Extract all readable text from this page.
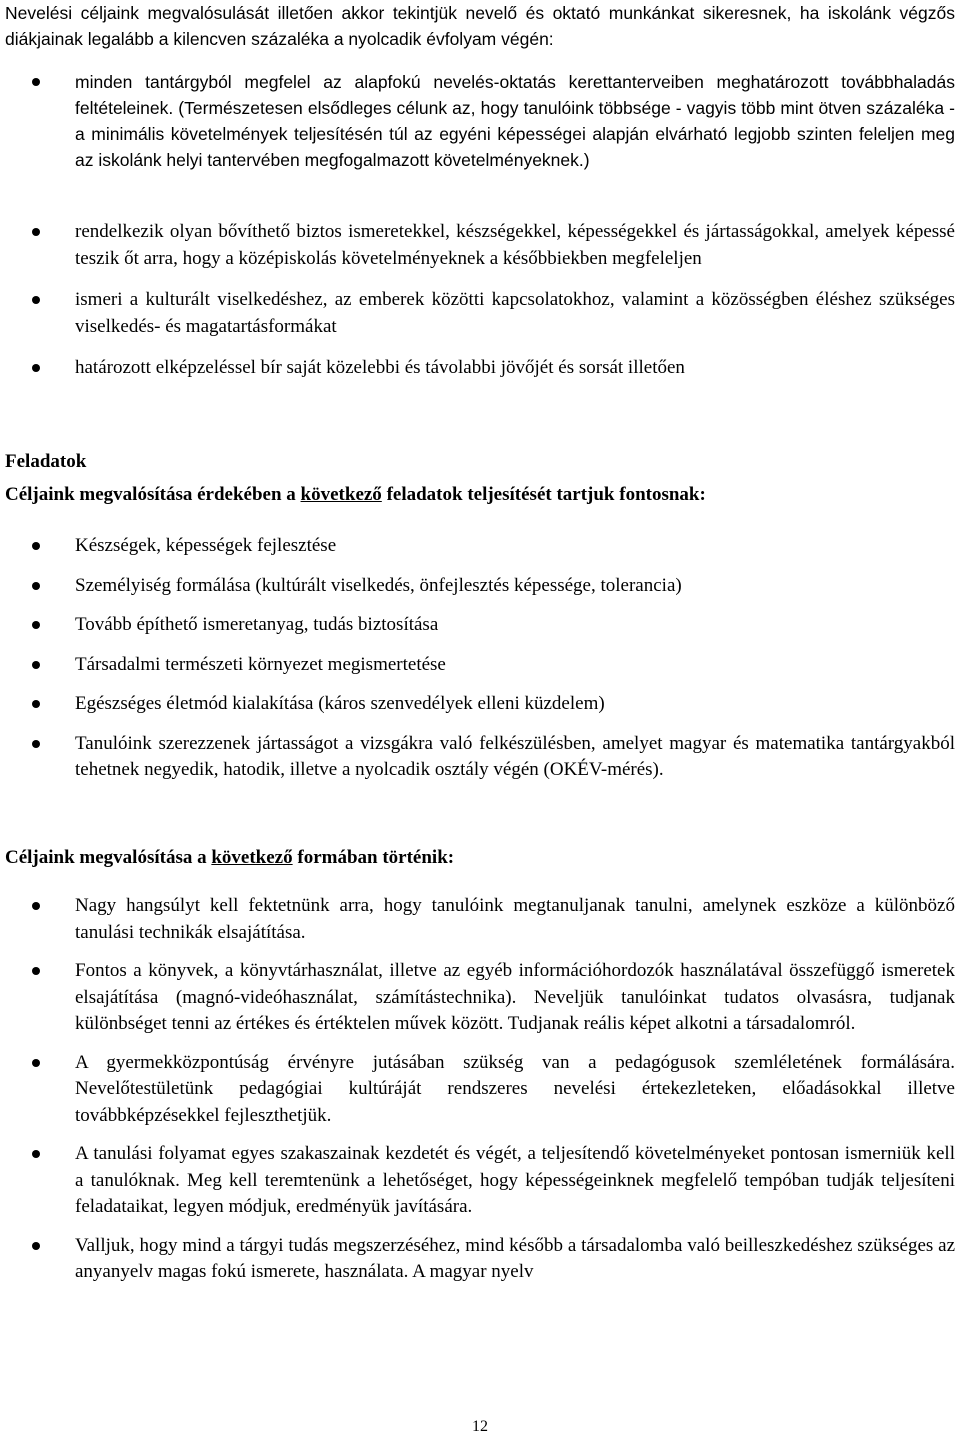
Nevelési céljaink megvalósulását illetően akkor tekintjük nevelő és oktató munkánkat sikeresnek, ha iskolánk végzős diákjainak legalább a kilencven százaléka a nyolcadik évfolyam végén:

minden tantárgyból megfelel az alapfokú nevelés-oktatás kerettanterveiben meghatározott továbbhaladás feltételeinek. (Természetesen elsődleges célunk az, hogy tanulóink többsége - vagyis több mint ötven százaléka - a minimális követelmények teljesítésén túl az egyéni képességei alapján elvárható legjobb szinten feleljen meg az iskolánk helyi tantervében megfogalmazott követelményeknek.)
rendelkezik olyan bővíthető biztos ismeretekkel, készségekkel, képességekkel és jártasságokkal, amelyek képessé teszik őt arra, hogy a középiskolás követelményeknek a későbbiekben megfeleljen
ismeri a kulturált viselkedéshez, az emberek közötti kapcsolatokhoz, valamint a közösségben éléshez szükséges viselkedés- és magatartásformákat
határozott elképzeléssel bír saját közelebbi és távolabbi jövőjét és sorsát illetően

Feladatok

Céljaink megvalósítása érdekében a következő feladatok teljesítését tartjuk fontosnak:

Készségek, képességek fejlesztése
Személyiség formálása (kultúrált viselkedés, önfejlesztés képessége, tolerancia)
Tovább építhető ismeretanyag, tudás biztosítása
Társadalmi természeti környezet megismertetése
Egészséges életmód kialakítása (káros szenvedélyek elleni küzdelem)
Tanulóink szerezzenek jártasságot a vizsgákra való felkészülésben, amelyet magyar és matematika tantárgyakból tehetnek negyedik, hatodik, illetve a nyolcadik osztály végén (OKÉV-mérés).

Céljaink megvalósítása a következő formában történik:

Nagy hangsúlyt kell fektetnünk arra, hogy tanulóink megtanuljanak tanulni, amelynek eszköze a különböző tanulási technikák elsajátítása.
Fontos a könyvek, a könyvtárhasználat, illetve az egyéb információhordozók használatával összefüggő ismeretek elsajátítása (magnó-videóhasználat, számítástechnika). Neveljük tanulóinkat tudatos olvasásra, tudjanak különbséget tenni az értékes és értéktelen művek között. Tudjanak reális képet alkotni a társadalomról.
A gyermekközpontúság érvényre jutásában szükség van a pedagógusok szemléletének formálására. Nevelőtestületünk pedagógiai kultúráját rendszeres nevelési értekezleteken, előadásokkal illetve továbbképzésekkel fejleszthetjük.
A tanulási folyamat egyes szakaszainak kezdetét és végét, a teljesítendő követelményeket pontosan ismerniük kell a tanulóknak. Meg kell teremtenünk a lehetőséget, hogy képességeinknek megfelelő tempóban tudják teljesíteni feladataikat, legyen módjuk, eredményük javítására.
Valljuk, hogy mind a tárgyi tudás megszerzéséhez, mind később a társadalomba való beilleszkedéshez szükséges az anyanyelv magas fokú ismerete, használata. A magyar nyelv
12
